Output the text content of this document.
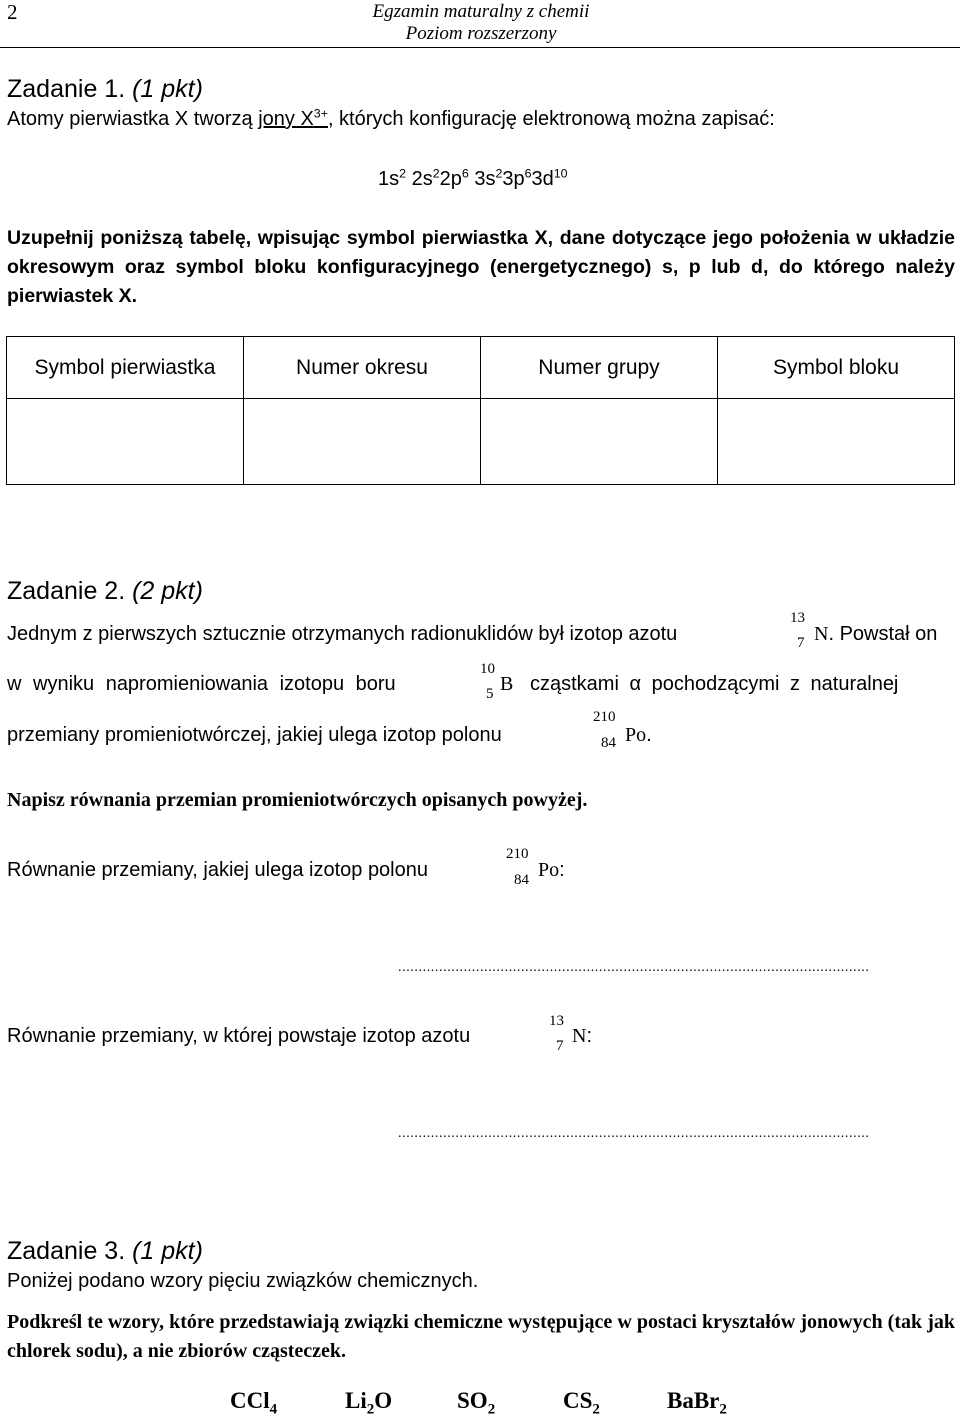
2	Egzamin maturalny z chemii
Poziom rozszerzony
Zadanie 1. (1 pkt)
Atomy pierwiastka X tworzą jony $X^{3+}$, których konfigurację elektronową można zapisać:
$1s^2$ $2s^22p^6$ $3s^23p^63d^{10}$
Uzupełnij poniższą tabelę, wpisując symbol pierwiastka X, dane dotyczące jego położenia w układzie okresowym oraz symbol bloku konfiguracyjnego (energetycznego) s, p lub d, do którego należy pierwiastek X.
Symbol pierwiastka	Numer okresu	Numer grupy	Symbol bloku

Zadanie 2. (2 pkt)
Jednym z pierwszych sztucznie otrzymanych radionuklidów był izotop azotu
13
7 N. Powstał on
w wyniku napromieniowania izotopu boru
10
5 B cząstkami α pochodzącymi z naturalnej
przemiany promieniotwórczej, jakiej ulega izotop polonu
210
84 Po.
Napisz równania przemian promieniotwórczych opisanych powyżej.
Równanie przemiany, jakiej ulega izotop polonu
210
84 Po:
...................................................................................................................
Równanie przemiany, w której powstaje izotop azotu
13
7 N:
...................................................................................................................
Zadanie 3. (1 pkt)
Poniżej podano wzory pięciu związków chemicznych.
Podkreśl te wzory, które przedstawiają związki chemiczne występujące w postaci kryształów jonowych (tak jak chlorek sodu), a nie zbiorów cząsteczek.
CCl$_4$	$Li_2O$	$SO_2$	$CS_2$	BaBr$_2$
